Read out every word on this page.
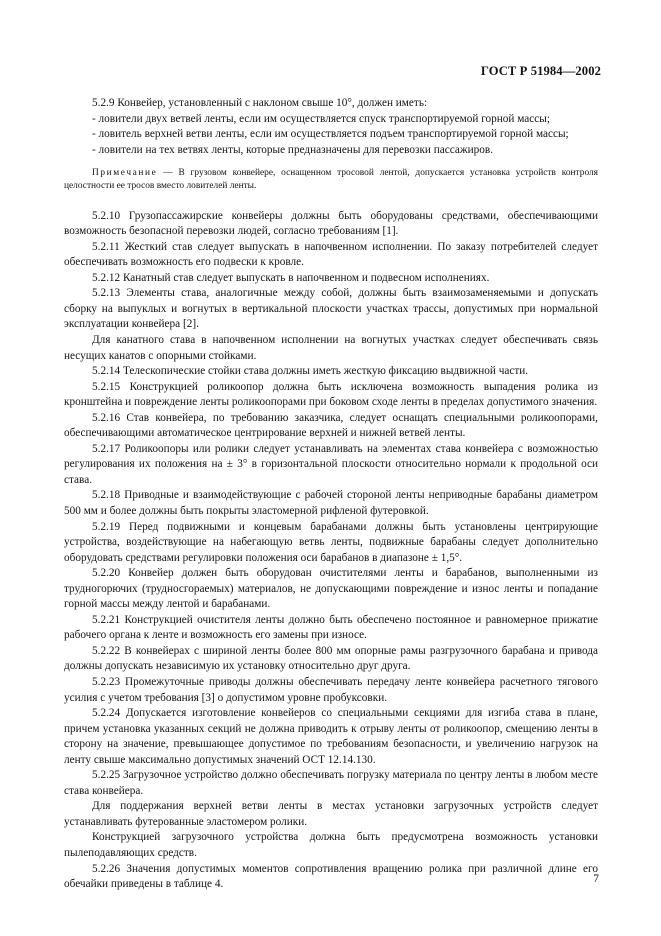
ГОСТ Р 51984—2002

5.2.9 Конвейер, установленный с наклоном свыше 10°, должен иметь:

- ловители двух ветвей ленты, если им осуществляется спуск транспортируемой горной массы;

- ловитель верхней ветви ленты, если им осуществляется подъем транспортируемой горной массы;

- ловители на тех ветвях ленты, которые предназначены для перевозки пассажиров.

Примечание — В грузовом конвейере, оснащенном тросовой лентой, допускается установка устройств контроля целостности ее тросов вместо ловителей ленты.

5.2.10 Грузопассажирские конвейеры должны быть оборудованы средствами, обеспечивающими возможность безопасной перевозки людей, согласно требованиям [1].

5.2.11 Жесткий став следует выпускать в напочвенном исполнении. По заказу потребителей следует обеспечивать возможность его подвески к кровле.

5.2.12 Канатный став следует выпускать в напочвенном и подвесном исполнениях.

5.2.13 Элементы става, аналогичные между собой, должны быть взаимозаменяемыми и допускать сборку на выпуклых и вогнутых в вертикальной плоскости участках трассы, допустимых при нормальной эксплуатации конвейера [2].

Для канатного става в напочвенном исполнении на вогнутых участках следует обеспечивать связь несущих канатов с опорными стойками.

5.2.14 Телескопические стойки става должны иметь жесткую фиксацию выдвижной части.

5.2.15 Конструкцией роликоопор должна быть исключена возможность выпадения ролика из кронштейна и повреждение ленты роликоопорами при боковом сходе ленты в пределах допустимого значения.

5.2.16 Став конвейера, по требованию заказчика, следует оснащать специальными роликоопорами, обеспечивающими автоматическое центрирование верхней и нижней ветвей ленты.

5.2.17 Роликоопоры или ролики следует устанавливать на элементах става конвейера с возможностью регулирования их положения на ± 3° в горизонтальной плоскости относительно нормали к продольной оси става.

5.2.18 Приводные и взаимодействующие с рабочей стороной ленты неприводные барабаны диаметром 500 мм и более должны быть покрыты эластомерной рифленой футеровкой.

5.2.19 Перед подвижными и концевым барабанами должны быть установлены центрирующие устройства, воздействующие на набегающую ветвь ленты, подвижные барабаны следует дополнительно оборудовать средствами регулировки положения оси барабанов в диапазоне ± 1,5°.

5.2.20 Конвейер должен быть оборудован очистителями ленты и барабанов, выполненными из трудногорючих (трудносгораемых) материалов, не допускающими повреждение и износ ленты и попадание горной массы между лентой и барабанами.

5.2.21 Конструкцией очистителя ленты должно быть обеспечено постоянное и равномерное прижатие рабочего органа к ленте и возможность его замены при износе.

5.2.22 В конвейерах с шириной ленты более 800 мм опорные рамы разгрузочного барабана и привода должны допускать независимую их установку относительно друг друга.

5.2.23 Промежуточные приводы должны обеспечивать передачу ленте конвейера расчетного тягового усилия с учетом требования [3] о допустимом уровне пробуксовки.

5.2.24 Допускается изготовление конвейеров со специальными секциями для изгиба става в плане, причем установка указанных секций не должна приводить к отрыву ленты от роликоопор, смещению ленты в сторону на значение, превышающее допустимое по требованиям безопасности, и увеличению нагрузок на ленту свыше максимально допустимых значений ОСТ 12.14.130.

5.2.25 Загрузочное устройство должно обеспечивать погрузку материала по центру ленты в любом месте става конвейера.

Для поддержания верхней ветви ленты в местах установки загрузочных устройств следует устанавливать футерованные эластомером ролики.

Конструкцией загрузочного устройства должна быть предусмотрена возможность установки пылеподавляющих средств.

5.2.26 Значения допустимых моментов сопротивления вращению ролика при различной длине его обечайки приведены в таблице 4.	7
